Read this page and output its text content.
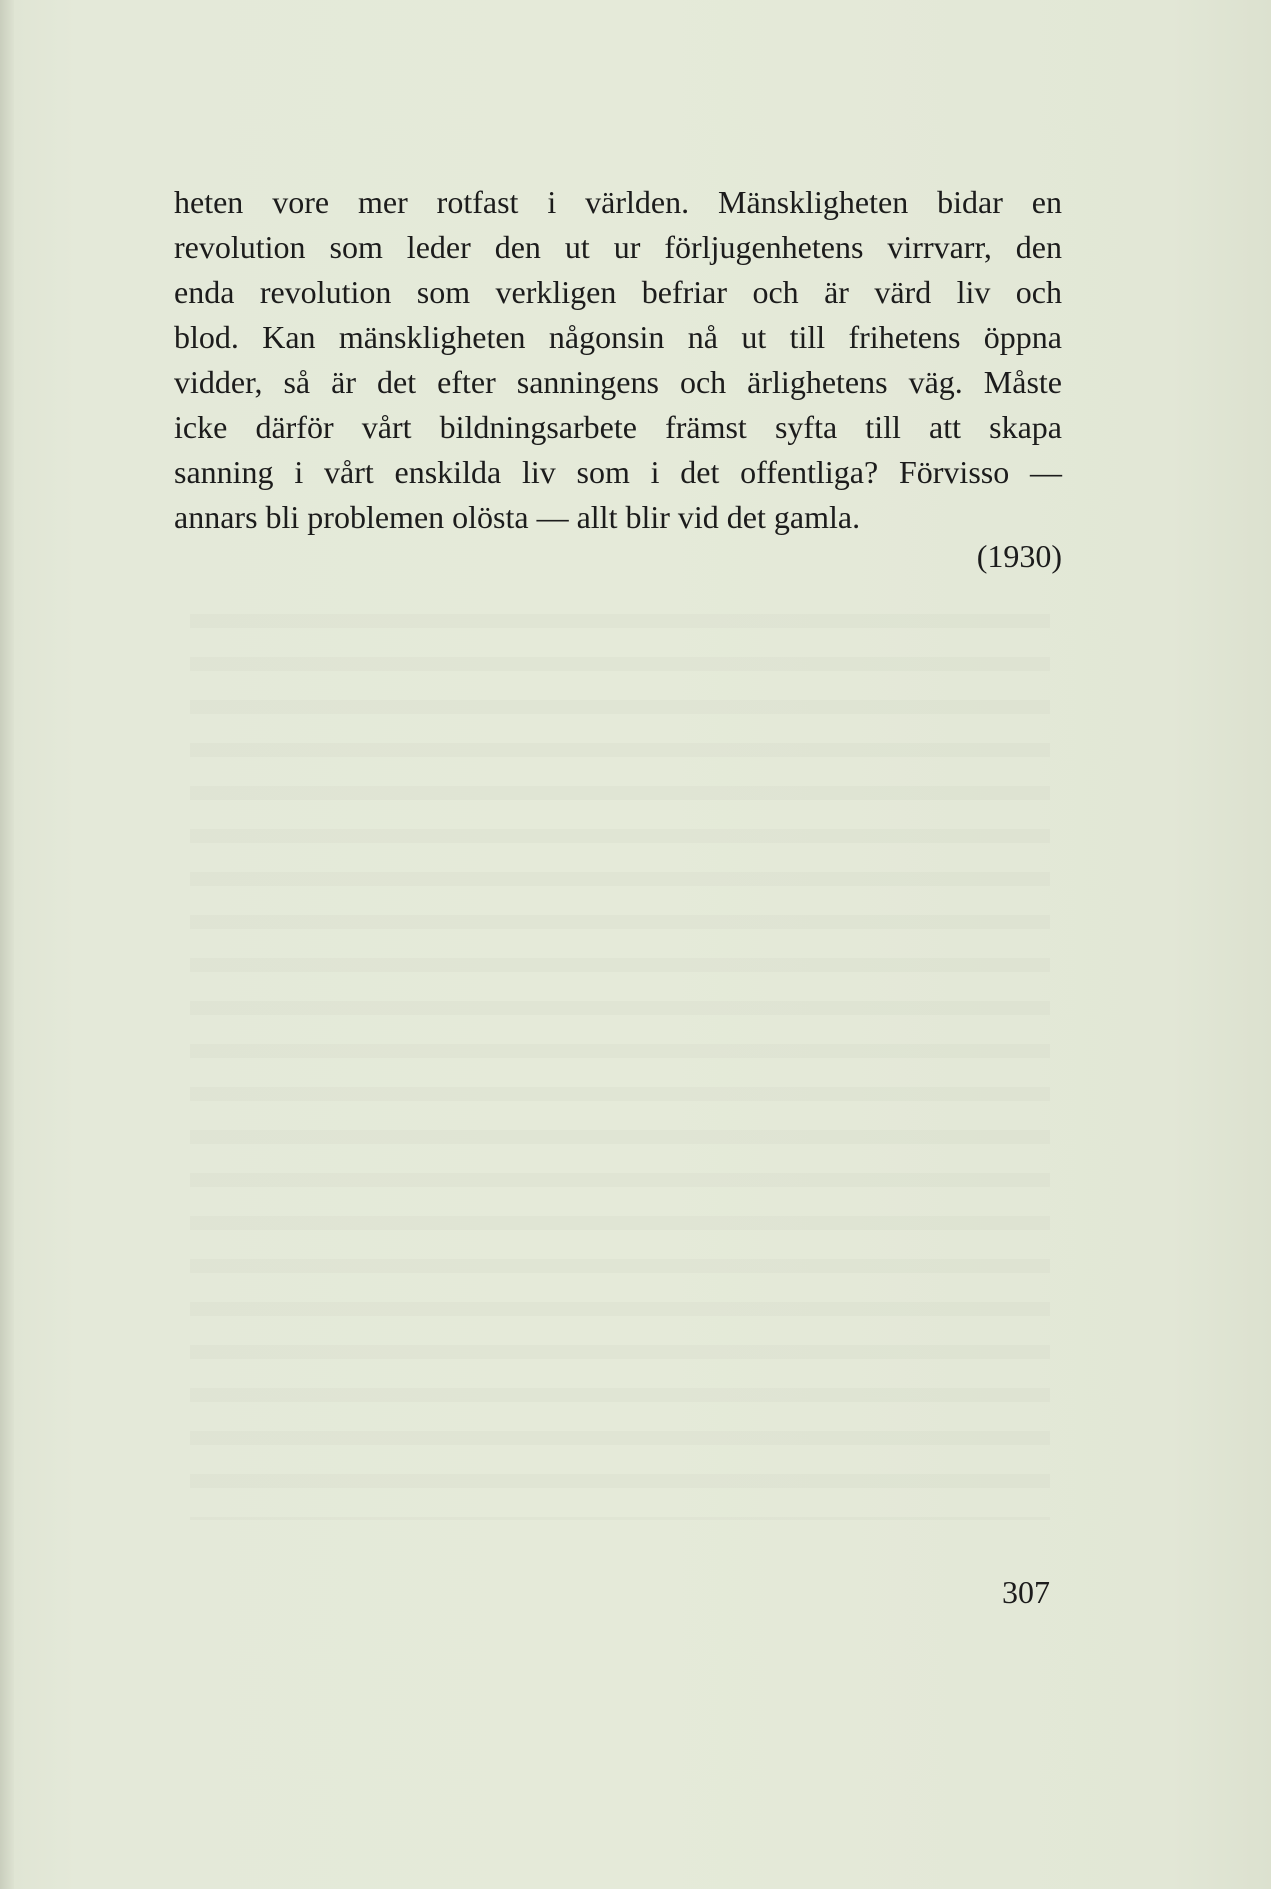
heten vore mer rotfast i världen. Mänskligheten bidar en
revolution som leder den ut ur förljugenhetens virrvarr, den
enda revolution som verkligen befriar och är värd liv och
blod. Kan mänskligheten någonsin nå ut till frihetens öppna
vidder, så är det efter sanningens och ärlighetens väg. Måste
icke därför vårt bildningsarbete främst syfta till att skapa
sanning i vårt enskilda liv som i det offentliga? Förvisso —
annars bli problemen olösta — allt blir vid det gamla.

(1930)

307
